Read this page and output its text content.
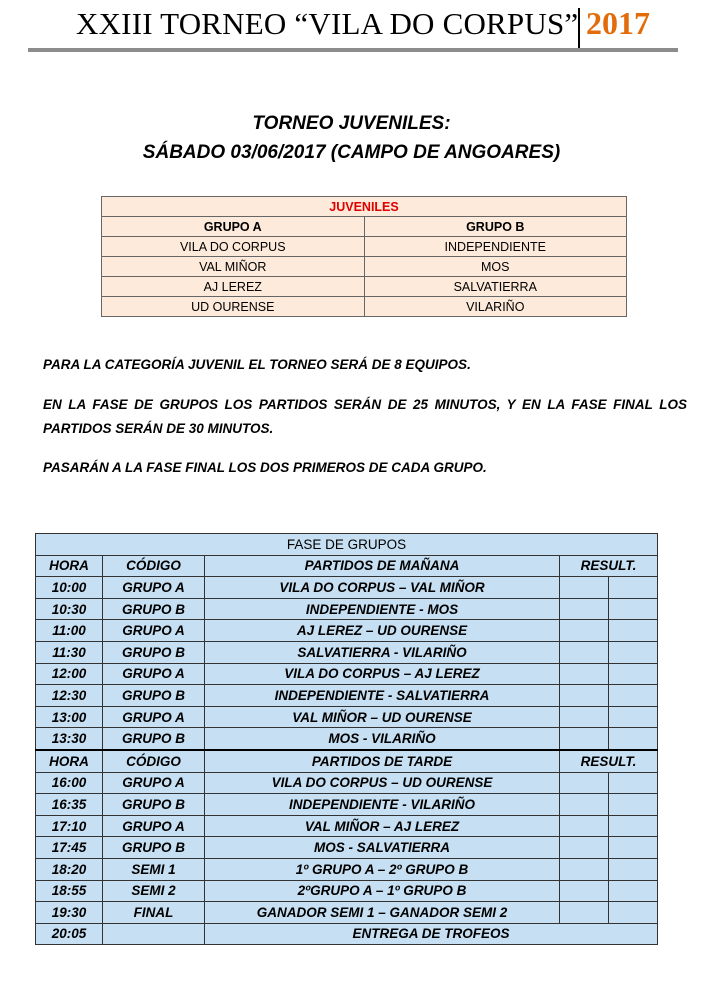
XXIII TORNEO “VILA DO CORPUS” 2017
TORNEO JUVENILES:
SÁBADO 03/06/2017 (CAMPO DE ANGOARES)
JUVENILES	
GRUPO A	GRUPO B
VILA DO CORPUS	INDEPENDIENTE
VAL MIÑOR	MOS
AJ LEREZ	SALVATIERRA
UD OURENSE	VILARIÑO
PARA LA CATEGORÍA JUVENIL EL TORNEO SERÁ DE 8 EQUIPOS.
EN LA FASE DE GRUPOS LOS PARTIDOS SERÁN DE 25 MINUTOS, Y EN LA FASE FINAL LOS PARTIDOS SERÁN DE 30 MINUTOS.
PASARÁN A LA FASE FINAL LOS DOS PRIMEROS DE CADA GRUPO.
FASE DE GRUPOS				
HORA	CÓDIGO	PARTIDOS DE MAÑANA	RESULT.	
10:00	GRUPO A	VILA DO CORPUS – VAL MIÑOR		
10:30	GRUPO B	INDEPENDIENTE - MOS		
11:00	GRUPO A	AJ LEREZ – UD OURENSE		
11:30	GRUPO B	SALVATIERRA - VILARIÑO		
12:00	GRUPO A	VILA DO CORPUS – AJ LEREZ		
12:30	GRUPO B	INDEPENDIENTE - SALVATIERRA		
13:00	GRUPO A	VAL MIÑOR – UD OURENSE		
13:30	GRUPO B	MOS - VILARIÑO		
HORA	CÓDIGO	PARTIDOS DE TARDE	RESULT.	
16:00	GRUPO A	VILA DO CORPUS – UD OURENSE		
16:35	GRUPO B	INDEPENDIENTE - VILARIÑO		
17:10	GRUPO A	VAL MIÑOR – AJ LEREZ		
17:45	GRUPO B	MOS - SALVATIERRA		
18:20	SEMI 1	1º GRUPO A – 2º GRUPO B		
18:55	SEMI 2	2ºGRUPO A – 1º GRUPO B		
19:30	FINAL	GANADOR SEMI 1 – GANADOR SEMI 2		
20:05		ENTREGA DE TROFEOS		
